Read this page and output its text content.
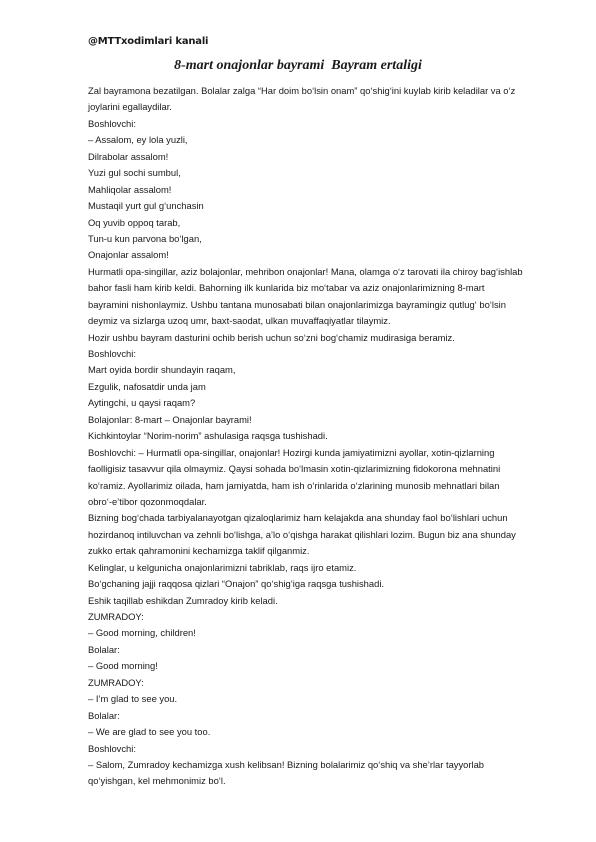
@MTTxodimlari kanali
8-mart onajonlar bayrami  Bayram ertaligi
Zal bayramona bezatilgan. Bolalar zalga “Har doim bo‘lsin onam” qo‘shig‘ini kuylab kirib keladilar va o‘z
joylarini egallaydilar.
Boshlovchi:
– Assalom, ey lola yuzli,
Dilrabolar assalom!
Yuzi gul sochi sumbul,
Mahliqolar assalom!
Mustaqil yurt gul g‘unchasin
Oq yuvib oppoq tarab,
Tun-u kun parvona bo‘lgan,
Onajonlar assalom!
Hurmatli opa-singillar, aziz bolajonlar, mehribon onajonlar! Mana, olamga o‘z tarovati ila chiroy bag‘ishlab
bahor fasli ham kirib keldi. Bahorning ilk kunlarida biz mo‘tabar va aziz onajonlarimizning 8-mart
bayramini nishonlaymiz. Ushbu tantana munosabati bilan onajonlarimizga bayramingiz qutlug‘ bo‘lsin
deymiz va sizlarga uzoq umr, baxt-saodat, ulkan muvaffaqiyatlar tilaymiz.
Hozir ushbu bayram dasturini ochib berish uchun so‘zni bog‘chamiz mudirasiga beramiz.
Boshlovchi:
Mart oyida bordir shundayin raqam,
Ezgulik, nafosatdir unda jam
Aytingchi, u qaysi raqam?
Bolajonlar: 8-mart – Onajonlar bayrami!
Kichkintoylar “Norim-norim” ashulasiga raqsga tushishadi.
Boshlovchi: – Hurmatli opa-singillar, onajonlar! Hozirgi kunda jamiyatimizni ayollar, xotin-qizlarning
faolligisiz tasavvur qila olmaymiz. Qaysi sohada bo‘lmasin xotin-qizlarimizning fidokorona mehnatini
ko‘ramiz. Ayollarimiz oilada, ham jamiyatda, ham ish o‘rinlarida o‘zlarining munosib mehnatlari bilan
obro‘-e’tibor qozonmoqdalar.
Bizning bog‘chada tarbiyalanayotgan qizaloqlarimiz ham kelajakda ana shunday faol bo‘lishlari uchun
hozirdanoq intiluvchan va zehnli bo‘lishga, a’lo o‘qishga harakat qilishlari lozim. Bugun biz ana shunday
zukko ertak qahramonini kechamizga taklif qilganmiz.
Kelinglar, u kelgunicha onajonlarimizni tabriklab, raqs ijro etamiz.
Bo‘gchaning jajji raqqosa qizlari “Onajon” qo‘shig‘iga raqsga tushishadi.
Eshik taqillab eshikdan Zumradoy kirib keladi.
ZUMRADOY:
– Good morning, children!
Bolalar:
– Good morning!
ZUMRADOY:
– I’m glad to see you.
Bolalar:
– We are glad to see you too.
Boshlovchi:
– Salom, Zumradoy kechamizga xush kelibsan! Bizning bolalarimiz qo‘shiq va she’rlar tayyorlab
qo‘yishgan, kel mehmonimiz bo‘l.
